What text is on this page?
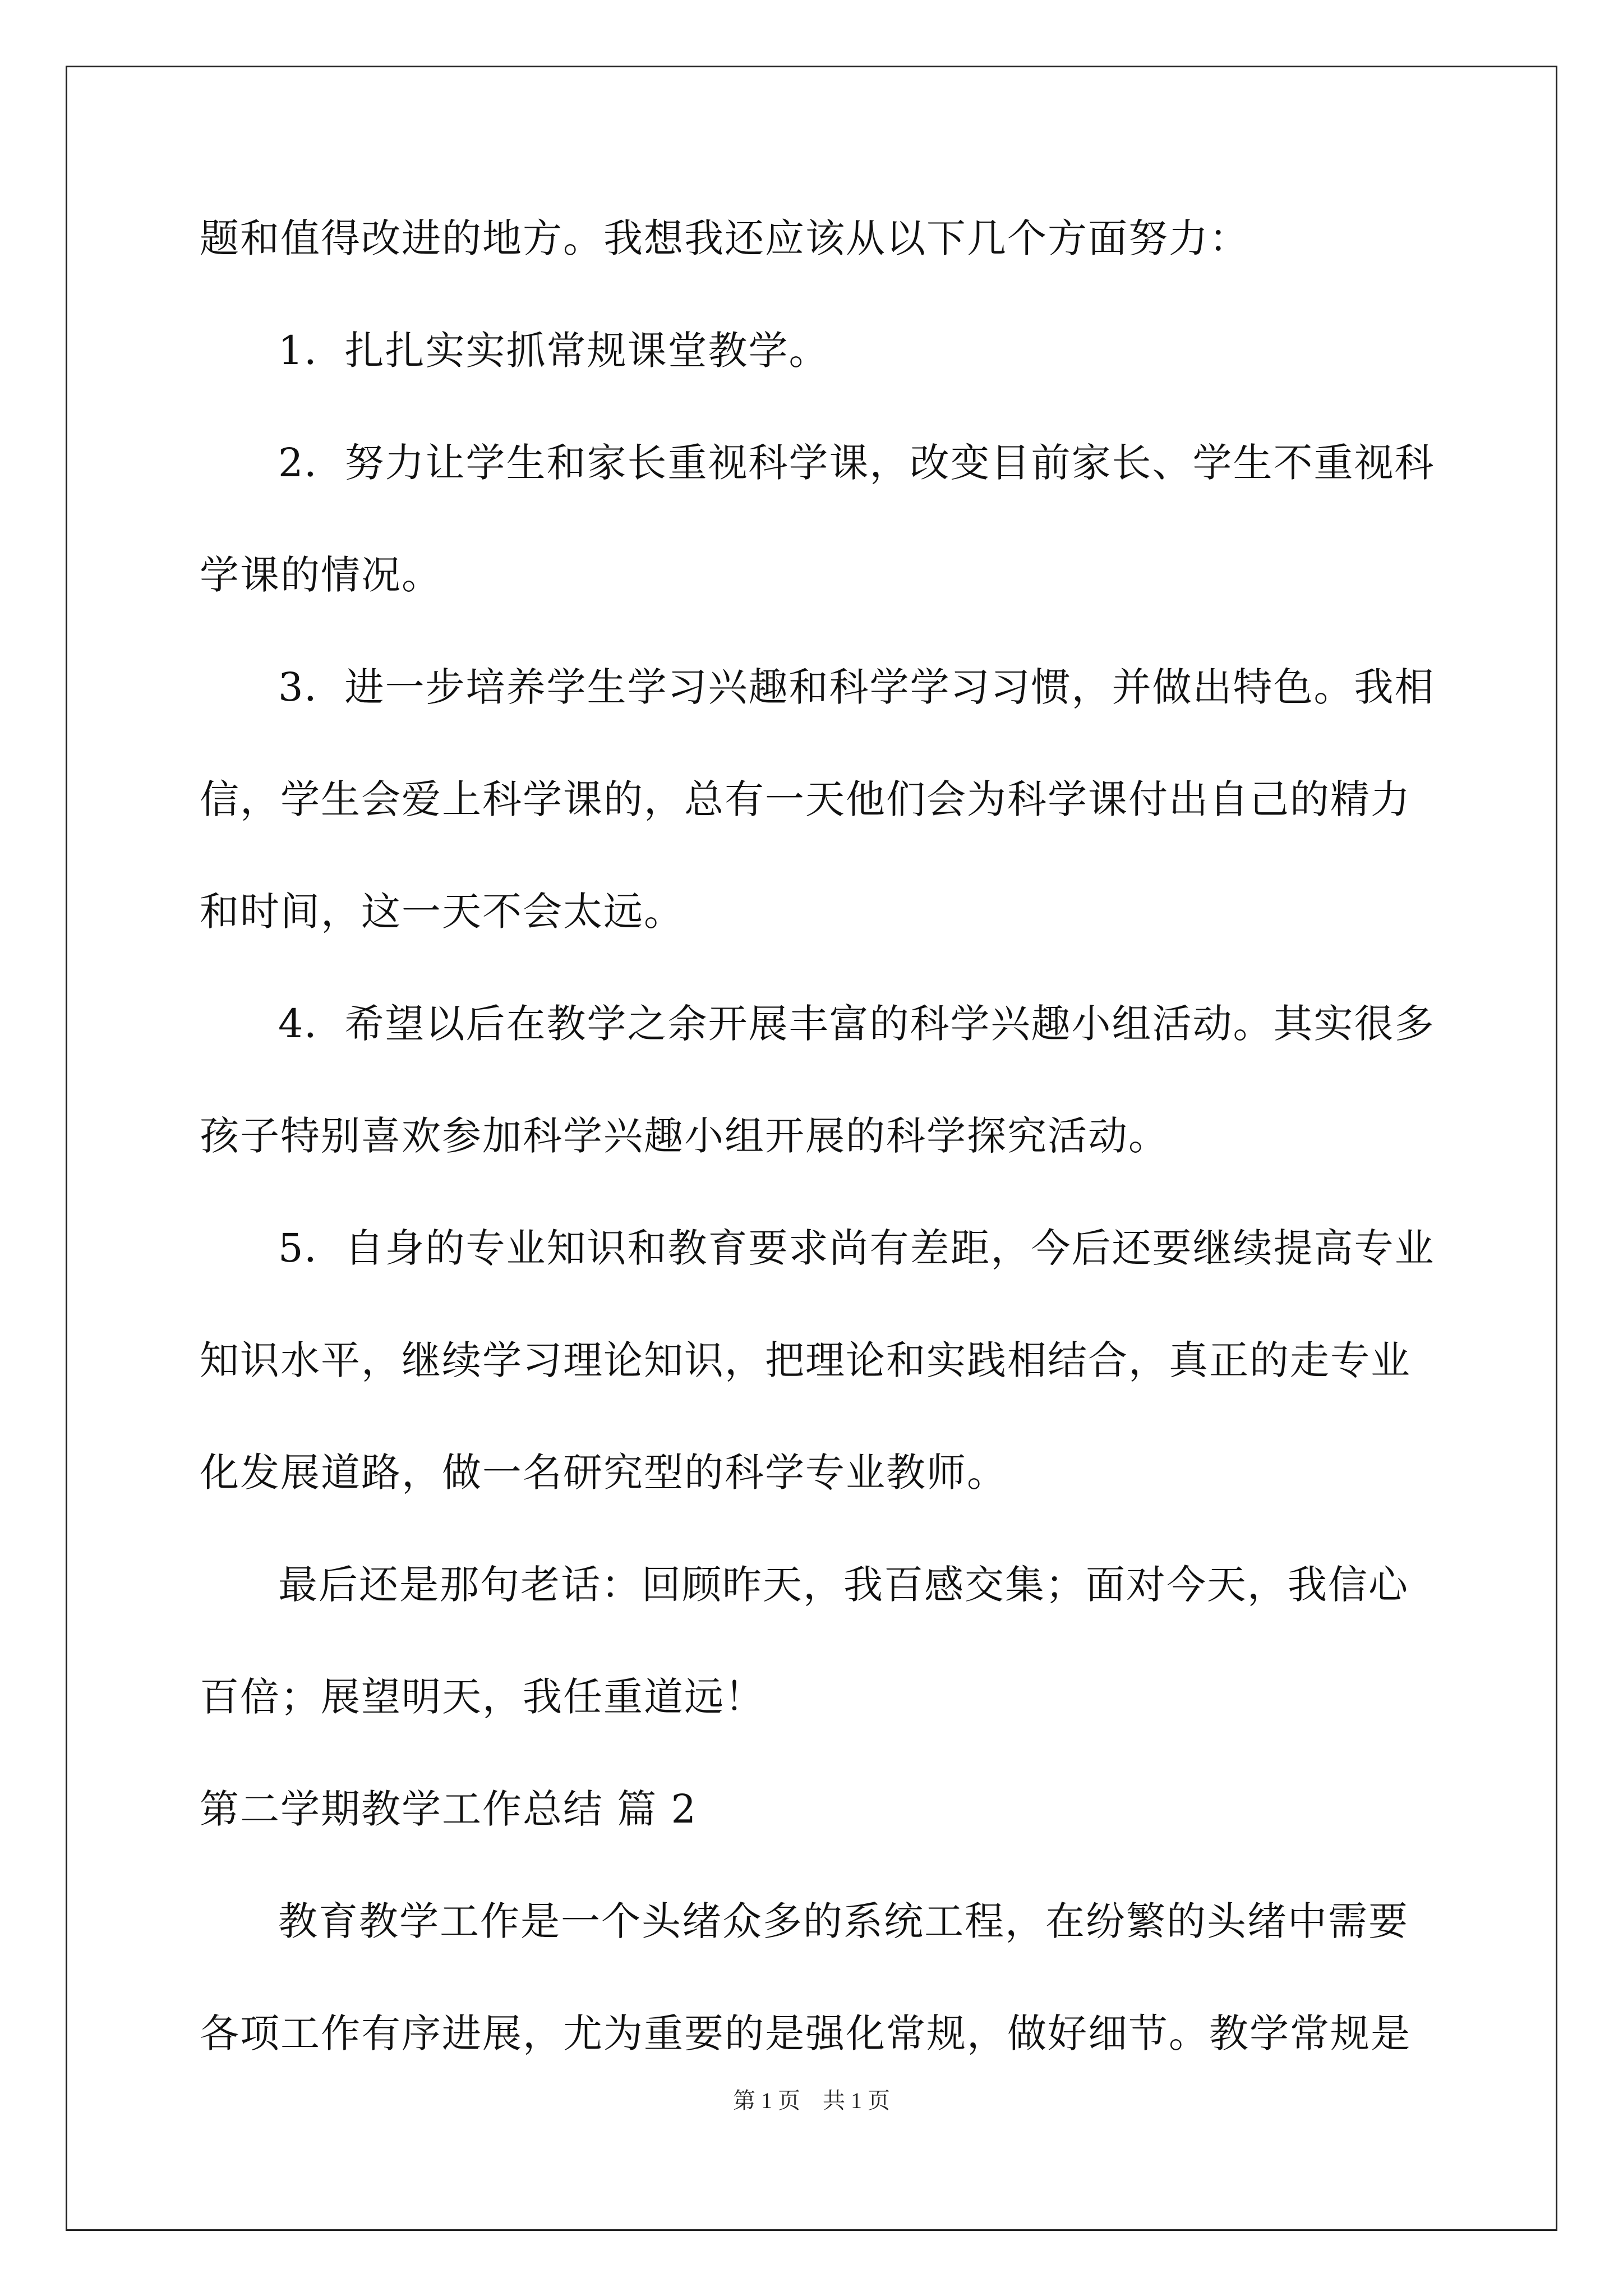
题和值得改进的地方。我想我还应该从以下几个方面努力：
1．扎扎实实抓常规课堂教学。
2．努力让学生和家长重视科学课，改变目前家长、学生不重视科
学课的情况。
3．进一步培养学生学习兴趣和科学学习习惯，并做出特色。我相
信，学生会爱上科学课的，总有一天他们会为科学课付出自己的精力
和时间，这一天不会太远。
4．希望以后在教学之余开展丰富的科学兴趣小组活动。其实很多
孩子特别喜欢参加科学兴趣小组开展的科学探究活动。
5．自身的专业知识和教育要求尚有差距，今后还要继续提高专业
知识水平，继续学习理论知识，把理论和实践相结合，真正的走专业
化发展道路，做一名研究型的科学专业教师。
最后还是那句老话：回顾昨天，我百感交集；面对今天，我信心
百倍；展望明天，我任重道远！
第二学期教学工作总结 篇 2
教育教学工作是一个头绪众多的系统工程，在纷繁的头绪中需要
各项工作有序进展，尤为重要的是强化常规，做好细节。教学常规是
第 1 页　共 1 页
